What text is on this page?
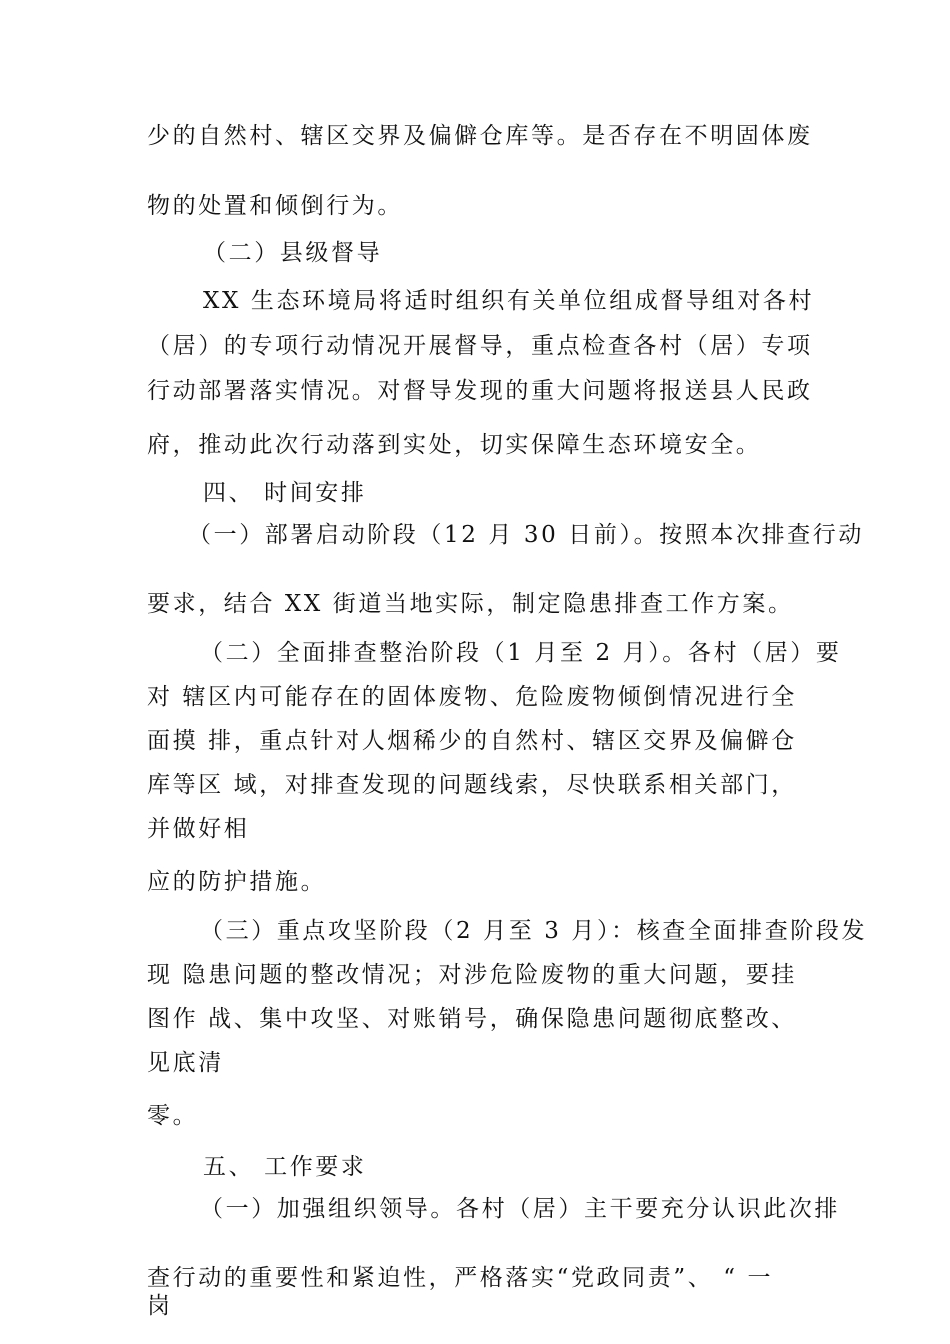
少的自然村、辖区交界及偏僻仓库等。是否存在不明固体废

物的处置和倾倒行为。

（二）县级督导

XX 生态环境局将适时组织有关单位组成督导组对各村

（居）的专项行动情况开展督导，重点检查各村（居）专项

行动部署落实情况。对督导发现的重大问题将报送县人民政

府，推动此次行动落到实处，切实保障生态环境安全。

四、 时间安排

（一）部署启动阶段（12 月 30 日前）。按照本次排查行动

要求，结合 XX 街道当地实际，制定隐患排查工作方案。

（二）全面排查整治阶段（1 月至 2 月）。各村（居）要

对 辖区内可能存在的固体废物、危险废物倾倒情况进行全

面摸 排，重点针对人烟稀少的自然村、辖区交界及偏僻仓

库等区 域，对排查发现的问题线索，尽快联系相关部门，

并做好相

应的防护措施。

（三）重点攻坚阶段（2 月至 3 月）：核查全面排查阶段发

现 隐患问题的整改情况；对涉危险废物的重大问题，要挂

图作 战、集中攻坚、对账销号，确保隐患问题彻底整改、

见底清

零。

五、 工作要求

（一）加强组织领导。各村（居）主干要充分认识此次排

查行动的重要性和紧迫性，严格落实“党政同责”、 “ 一

岗
